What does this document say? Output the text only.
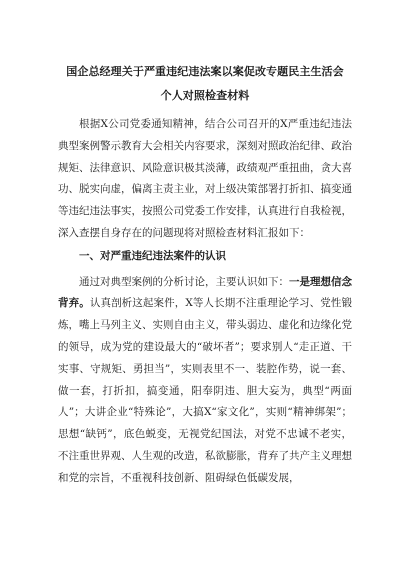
国企总经理关于严重违纪违法案以案促改专题民主生活会
个人对照检查材料

根据X公司党委通知精神，结合公司召开的X严重违纪违法典型案例警示教育大会相关内容要求，深刻对照政治纪律、政治规矩、法律意识、风险意识极其淡薄，政绩观严重扭曲，贪大喜功、脱实向虚，偏离主责主业，对上级决策部署打折扣、搞变通等违纪违法事实，按照公司党委工作安排，认真进行自我检视，深入查摆自身存在的问题现将对照检查材料汇报如下：

一、对严重违纪违法案件的认识

通过对典型案例的分析讨论，主要认识如下：一是理想信念背弃。认真剖析这起案件，X等人长期不注重理论学习、党性锻炼，嘴上马列主义、实则自由主义，带头弱边、虚化和边缘化党的领导，成为党的建设最大的“破坏者”；要求别人“走正道、干实事、守规矩、勇担当”，实则表里不一、装腔作势，说一套、做一套，打折扣，搞变通，阳奉阴违、胆大妄为，典型“两面人”；大讲企业“特殊论”，大搞X“家文化”，实则“精神绑架”；思想“缺钙”，底色蜕变，无视党纪国法，对党不忠诚不老实，不注重世界观、人生观的改造，私欲膨胀，背弃了共产主义理想和党的宗旨，不重视科技创新、阻碍绿色低碳发展，
